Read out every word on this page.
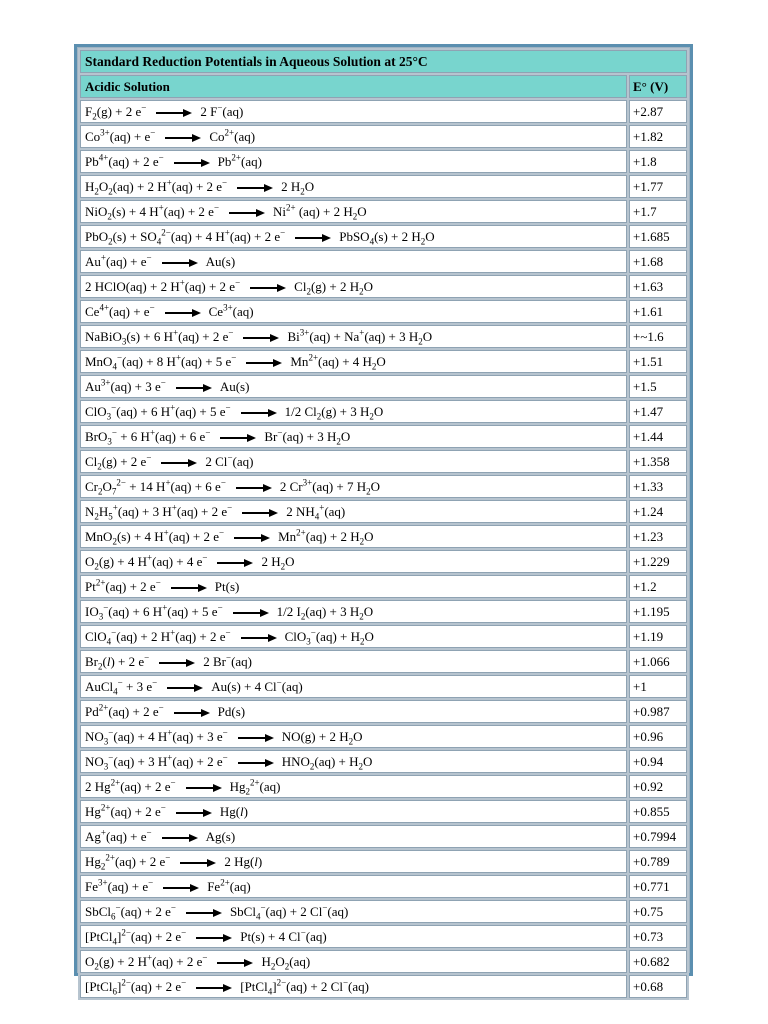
Standard Reduction Potentials in Aqueous Solution at 25°C	
Acidic Solution	E° (V)
$F_2(g) + 2$ e− 2 F−(aq)	+2.87
$Co^{3+}(aq) + e^-$ $Co^{2+}(aq)$	+1.82
$Pb^{4+}(aq) + 2$ e− $Pb^{2+}(aq)$	+1.8
$H_2O_2(aq) + 2$ H+(aq) + 2 e− 2 $H_2O$	+1.77
NiO$_2$(s) + 4 H+(aq) + 2 e− $Ni^{2+}$ (aq) + 2 $H_2O$	+1.7
$PbO_2(s) + SO_4^{2-}(aq) + 4$ H+(aq) + 2 e− PbSO$_4$(s) + 2 $H_2O$	+1.685
Au+(aq) + e− Au(s)	+1.68
2 HClO(aq) + 2 H+(aq) + 2 e− $Cl_2(g) + 2$ $H_2O$	+1.63
$Ce^{4+}(aq) + e^-$ $Ce^{3+}(aq)$	+1.61
NaBiO$_3$(s) + 6 H+(aq) + 2 e− $Bi^{3+}(aq) + Na^+(aq) + 3$ $H_2O$	+~1.6
MnO$_4$−(aq) + 8 H+(aq) + 5 e− $Mn^{2+}(aq) + 4$ $H_2O$	+1.51
$Au^{3+}(aq) + 3$ e− Au(s)	+1.5
ClO$_3$−(aq) + 6 H+(aq) + 5 e− 1/2 $Cl_2(g) + 3$ $H_2O$	+1.47
BrO$_3$− + 6 H+(aq) + 6 e− Br−(aq) + 3 $H_2O$	+1.44
$Cl_2(g) + 2$ e− 2 Cl−(aq)	+1.358
$Cr_2O_7^{2-} + 14$ H+(aq) + 6 e− 2 $Cr^{3+}(aq) + 7$ $H_2O$	+1.33
$N_2H_5^+(aq) + 3$ H+(aq) + 2 e− 2 $NH_4^+(aq)$	+1.24
MnO$_2$(s) + 4 H+(aq) + 2 e− $Mn^{2+}(aq) + 2$ $H_2O$	+1.23
$O_2(g) + 4$ H+(aq) + 4 e− 2 $H_2O$	+1.229
$Pt^{2+}(aq) + 2$ e− Pt(s)	+1.2
$IO_3^-(aq) + 6$ H+(aq) + 5 e− 1/2 $I_2(aq) + 3$ $H_2O$	+1.195
ClO$_4$−(aq) + 2 H+(aq) + 2 e− $ClO_3^-(aq) + H_2O$	+1.19
$Br_2(l) + 2$ e− 2 Br−(aq)	+1.066
AuCl$_4$− + 3 e− Au(s) + 4 Cl−(aq)	+1
$Pd^{2+}(aq) + 2$ e− Pd(s)	+0.987
$NO_3^-(aq) + 4$ H+(aq) + 3 e− NO(g) + 2 $H_2O$	+0.96
$NO_3^-(aq) + 3$ H+(aq) + 2 e− $HNO_2(aq) + H_2O$	+0.94
2 $Hg^{2+}(aq) + 2$ e− $Hg_2^{2+}(aq)$	+0.92
$Hg^{2+}(aq) + 2$ e− Hg(l)	+0.855
Ag+(aq) + e− Ag(s)	+0.7994
$Hg_2^{2+}(aq) + 2$ e− 2 Hg(l)	+0.789
$Fe^{3+}(aq) + e^-$ $Fe^{2+}(aq)$	+0.771
SbCl$_6$−(aq) + 2 e− SbCl$_4$−(aq) + 2 Cl−(aq)	+0.75
[PtCl$_4$]$^{2-}$(aq) + 2 e− Pt(s) + 4 Cl−(aq)	+0.73
$O_2(g) + 2$ H+(aq) + 2 e− $H_2O_2(aq)$	+0.682
[PtCl$_6$]$^{2-}$(aq) + 2 e− [PtCl$_4$]$^{2-}$(aq) + 2 Cl−(aq)	+0.68
